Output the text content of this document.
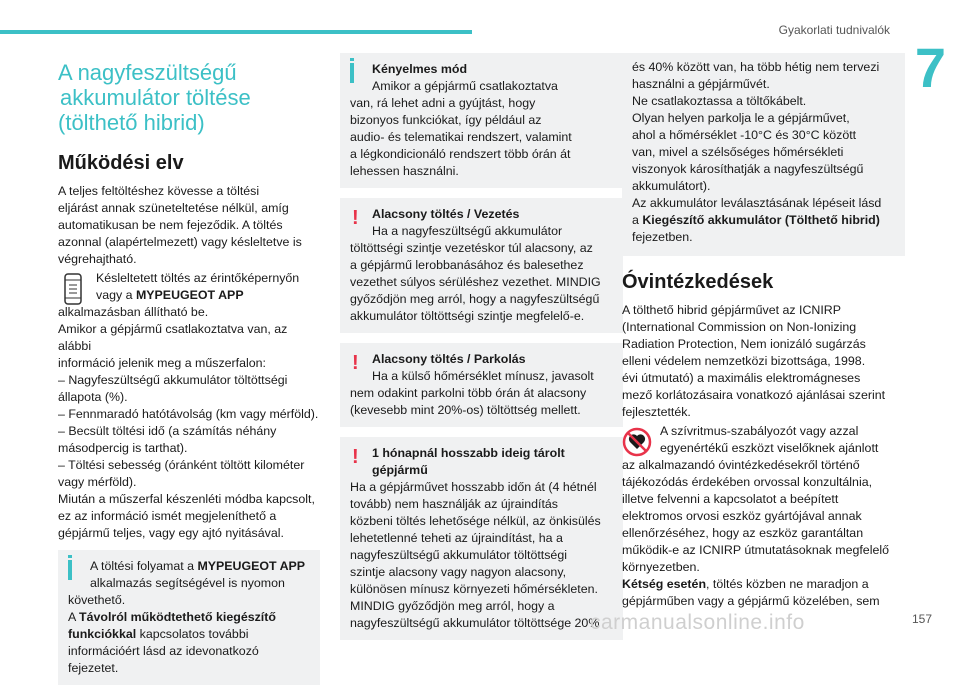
Gyakorlati tudnivalók
7
A nagyfeszültségű

akkumulátor töltése
(tölthető hibrid)
Működési elv

A teljes feltöltéshez kövesse a töltési

eljárást annak szüneteltetése nélkül, amíg

automatikusan be nem fejeződik. A töltés

azonnal (alapértelmezett) vagy késleltetve is

végrehajtható.

Késleltetett töltés az érintőképernyőn

vagy a MYPEUGEOT APP

alkalmazásban állítható be.

Amikor a gépjármű csatlakoztatva van, az alábbi

információ jelenik meg a műszerfalon:

– Nagyfeszültségű akkumulátor töltöttségi

állapota (%).

– Fennmaradó hatótávolság (km vagy mérföld).

– Becsült töltési idő (a számítás néhány

másodpercig is tarthat).

– Töltési sebesség (óránként töltött kilométer

vagy mérföld).

Miután a műszerfal készenléti módba kapcsolt,

ez az információ ismét megjeleníthető a

gépjármű teljes, vagy egy ajtó nyitásával.

A töltési folyamat a MYPEUGEOT APP

alkalmazás segítségével is nyomon

követhető.

A Távolról működtethető kiegészítő

funkciókkal kapcsolatos további

információért lásd az idevonatkozó fejezetet.

Kényelmes mód

Amikor a gépjármű csatlakoztatva

van, rá lehet adni a gyújtást, hogy

bizonyos funkciókat, így például az

audio- és telematikai rendszert, valamint

a légkondicionáló rendszert több órán át

lehessen használni.

! Alacsony töltés / Vezetés

Ha a nagyfeszültségű akkumulátor

töltöttségi szintje vezetéskor túl alacsony, az

a gépjármű lerobbanásához és balesethez

vezethet súlyos sérüléshez vezethet. MINDIG

győződjön meg arról, hogy a nagyfeszültségű

akkumulátor töltöttségi szintje megfelelő-e.

! Alacsony töltés / Parkolás

Ha a külső hőmérséklet mínusz, javasolt

nem odakint parkolni több órán át alacsony

(kevesebb mint 20%-os) töltöttség mellett.

! 1 hónapnál hosszabb ideig tárolt

gépjármű

Ha a gépjárművet hosszabb időn át (4 hétnél

tovább) nem használják az újraindítás

közbeni töltés lehetősége nélkül, az önkisülés

lehetetlenné teheti az újraindítást, ha a

nagyfeszültségű akkumulátor töltöttségi

szintje alacsony vagy nagyon alacsony,

különösen mínusz környezeti hőmérsékleten.

MINDIG győződjön meg arról, hogy a

nagyfeszültségű akkumulátor töltöttsége 20%

és 40% között van, ha több hétig nem tervezi

használni a gépjárművét.

Ne csatlakoztassa a töltőkábelt.

Olyan helyen parkolja le a gépjárművet,

ahol a hőmérséklet -10°C és 30°C között

van, mivel a szélsőséges hőmérsékleti

viszonyok károsíthatják a nagyfeszültségű

akkumulátort).

Az akkumulátor leválasztásának lépéseit lásd

a Kiegészítő akkumulátor (Tölthető hibrid)

fejezetben.

Óvintézkedések

A tölthető hibrid gépjárművet az ICNIRP

(International Commission on Non-Ionizing

Radiation Protection, Nem ionizáló sugárzás

elleni védelem nemzetközi bizottsága, 1998.

évi útmutató) a maximális elektromágneses

mező korlátozásaira vonatkozó ajánlásai szerint

fejlesztették.

A szívritmus-szabályozót vagy azzal

egyenértékű eszközt viselőknek ajánlott

az alkalmazandó óvintézkedésekről történő

tájékozódás érdekében orvossal konzultálnia,

illetve felvenni a kapcsolatot a beépített

elektromos orvosi eszköz gyártójával annak

ellenőrzéséhez, hogy az eszköz garantáltan

működik-e az ICNIRP útmutatásoknak megfelelő

környezetben.

Kétség esetén, töltés közben ne maradjon a

gépjárműben vagy a gépjármű közelében, sem

carmanualsonline.info	157
